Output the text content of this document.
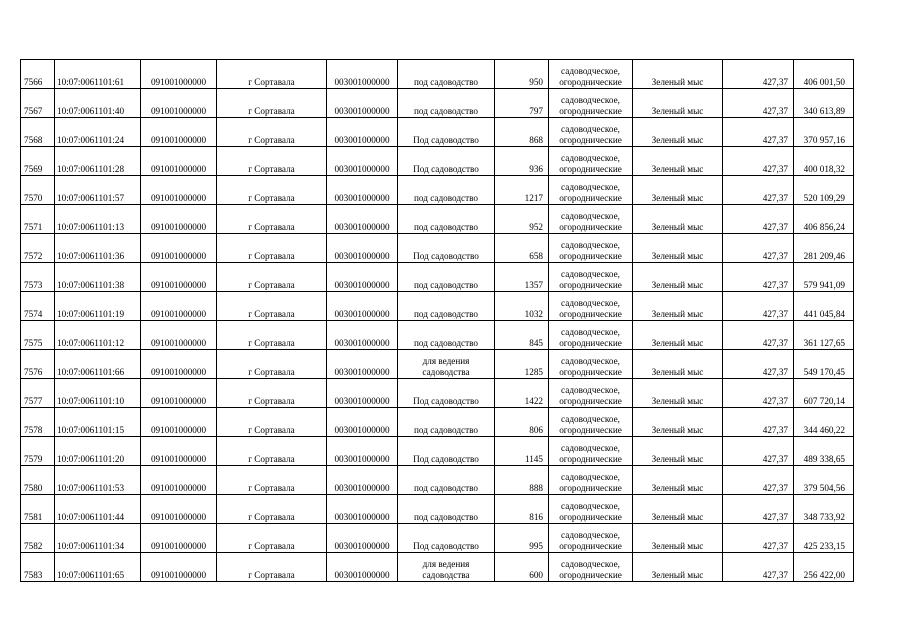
7566	10:07:0061101:61	091001000000	г Сортавала	003001000000	под садоводство	950	садоводческое, огороднические	Зеленый мыс	427,37	406 001,50
7567	10:07:0061101:40	091001000000	г Сортавала	003001000000	под садоводство	797	садоводческое, огороднические	Зеленый мыс	427,37	340 613,89
7568	10:07:0061101:24	091001000000	г Сортавала	003001000000	Под садоводство	868	садоводческое, огороднические	Зеленый мыс	427,37	370 957,16
7569	10:07:0061101:28	091001000000	г Сортавала	003001000000	Под садоводство	936	садоводческое, огороднические	Зеленый мыс	427,37	400 018,32
7570	10:07:0061101:57	091001000000	г Сортавала	003001000000	под садоводство	1217	садоводческое, огороднические	Зеленый мыс	427,37	520 109,29
7571	10:07:0061101:13	091001000000	г Сортавала	003001000000	под садоводство	952	садоводческое, огороднические	Зеленый мыс	427,37	406 856,24
7572	10:07:0061101:36	091001000000	г Сортавала	003001000000	Под садоводство	658	садоводческое, огороднические	Зеленый мыс	427,37	281 209,46
7573	10:07:0061101:38	091001000000	г Сортавала	003001000000	под садоводство	1357	садоводческое, огороднические	Зеленый мыс	427,37	579 941,09
7574	10:07:0061101:19	091001000000	г Сортавала	003001000000	под садоводство	1032	садоводческое, огороднические	Зеленый мыс	427,37	441 045,84
7575	10:07:0061101:12	091001000000	г Сортавала	003001000000	под садоводство	845	садоводческое, огороднические	Зеленый мыс	427,37	361 127,65
7576	10:07:0061101:66	091001000000	г Сортавала	003001000000	для ведения садоводства	1285	садоводческое, огороднические	Зеленый мыс	427,37	549 170,45
7577	10:07:0061101:10	091001000000	г Сортавала	003001000000	Под садоводство	1422	садоводческое, огороднические	Зеленый мыс	427,37	607 720,14
7578	10:07:0061101:15	091001000000	г Сортавала	003001000000	под садоводство	806	садоводческое, огороднические	Зеленый мыс	427,37	344 460,22
7579	10:07:0061101:20	091001000000	г Сортавала	003001000000	Под садоводство	1145	садоводческое, огороднические	Зеленый мыс	427,37	489 338,65
7580	10:07:0061101:53	091001000000	г Сортавала	003001000000	под садоводство	888	садоводческое, огороднические	Зеленый мыс	427,37	379 504,56
7581	10:07:0061101:44	091001000000	г Сортавала	003001000000	под садоводство	816	садоводческое, огороднические	Зеленый мыс	427,37	348 733,92
7582	10:07:0061101:34	091001000000	г Сортавала	003001000000	Под садоводство	995	садоводческое, огороднические	Зеленый мыс	427,37	425 233,15
7583	10:07:0061101:65	091001000000	г Сортавала	003001000000	для ведения садоводства	600	садоводческое, огороднические	Зеленый мыс	427,37	256 422,00
